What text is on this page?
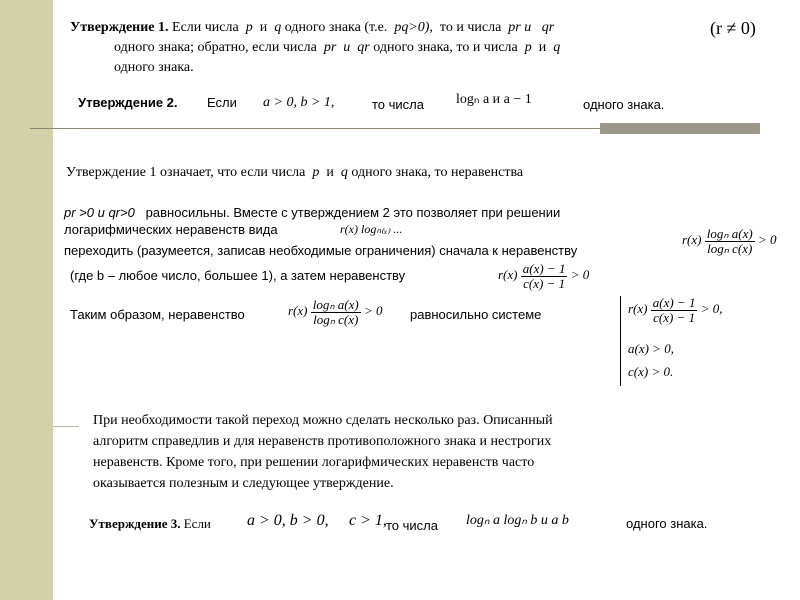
Утверждение 1. Если числа p и q одного знака (т.е. pq>0), то и числа pr и qr	(r ≠ 0)
одного знака; обратно, если числа pr и qr одного знака, то и числа p и q
одного знака.
Утверждение 2. Если a > 0, b > 1,	то числа logₙ a и a − 1	одного знака.
Утверждение 1 означает, что если числа p и q одного знака, то неравенства
pr >0 и qr>0 равносильны. Вместе с утверждением 2 это позволяет при решении
логарифмических неравенств вида	r(x) logₙ₍ₓ₎ ...
переходить (разумеется, записав необходимые ограничения) сначала к неравенству
$r(x) \frac{\text{logₙ a(x)}}{\text{logₙ c(x)}} > 0$
(где b – любое число, большее 1), а затем неравенству	$r(x) \frac{a(x) - 1}{c(x) - 1} > 0$
Таким образом, неравенство	$r(x) \frac{\text{logₙ a(x)}}{\text{logₙ c(x)}} > 0$ равносильно системе	$r(x) \frac{a(x) - 1}{c(x) - 1} > 0$,
a(x) > 0,
c(x) > 0.
При необходимости такой переход можно сделать несколько раз. Описанный
алгоритм справедлив и для неравенств противоположного знака и нестрогих
неравенств. Кроме того, при решении логарифмических неравенств часто
оказывается полезным и следующее утверждение.
Утверждение 3. Если a > 0, b > 0, c > 1, то числа logₙ a logₙ b и a b	одного знака.
